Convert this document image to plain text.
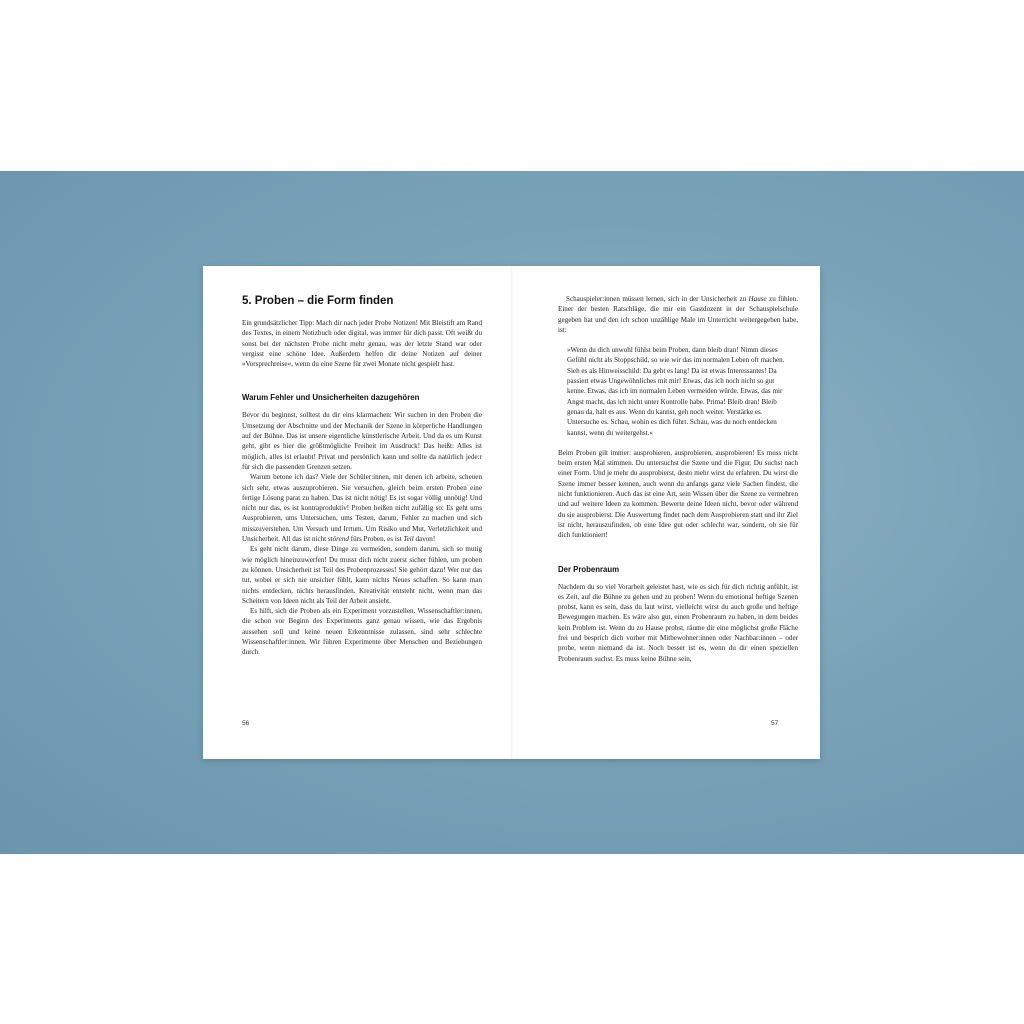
5. Proben – die Form finden

Ein grundsätzlicher Tipp: Mach dir nach jeder Probe Notizen! Mit Bleistift am Rand des Textes, in einem Notizbuch oder digital, was immer für dich passt. Oft weißt du sonst bei der nächsten Probe nicht mehr genau, was der letzte Stand war oder vergisst eine schöne Idee. Außerdem helfen dir deine Notizen auf deiner »Vorsprechreise«, wenn du eine Szene für zwei Monate nicht gespielt hast.

Warum Fehler und Unsicherheiten dazugehören

Bevor du beginnst, solltest du dir eins klarmachen: Wir suchen in den Proben die Umsetzung der Abschnitte und der Mechanik der Szene in körperliche Handlungen auf der Bühne. Das ist unsere eigentliche künstlerische Arbeit. Und da es um Kunst geht, gibt es hier die größtmögliche Freiheit im Ausdruck! Das heißt: Alles ist möglich, alles ist erlaubt! Privat und persönlich kann und sollte da natürlich jede:r für sich die passenden Grenzen setzen.

Warum betone ich das? Viele der Schüler:innen, mit denen ich arbeite, scheuen sich sehr, etwas auszuprobieren. Sie versuchen, gleich beim ersten Proben eine fertige Lösung parat zu haben. Das ist nicht nötig! Es ist sogar völlig unnötig! Und nicht nur das, es ist kontraproduktiv! Proben heißen nicht zufällig so: Es geht ums Ausprobieren, ums Untersuchen, ums Testen, darum, Fehler zu machen und sich misszuverstehen. Um Versuch und Irrtum. Um Risiko und Mut, Verletzlichkeit und Unsicherheit. All das ist nicht störend fürs Proben, es ist Teil davon!

Es geht nicht darum, diese Dinge zu vermeiden, sondern darum, sich so mutig wie möglich hineinzuwerfen! Du musst dich nicht zuerst sicher fühlen, um proben zu können. Unsicherheit ist Teil des Probenprozesses! Sie gehört dazu! Wer nur das tut, wobei er sich nie unsicher fühlt, kann nichts Neues schaffen. So kann man nichts entdecken, nichts herausfinden. Kreativität entsteht nicht, wenn man das Scheitern von Ideen nicht als Teil der Arbeit ansieht.

Es hilft, sich die Proben als ein Experiment vorzustellen. Wissenschaftler:innen, die schon vor Beginn des Experiments ganz genau wissen, wie das Ergebnis aussehen soll und keine neuen Erkenntnisse zulassen, sind sehr schlechte Wissenschaftler:innen. Wir führen Experimente über Menschen und Beziehungen durch.

Schauspieler:innen müssen lernen, sich in der Unsicherheit zu Hause zu fühlen. Einer der besten Ratschläge, die mir ein Gastdozent in der Schauspielschule gegeben hat und den ich schon unzählige Male im Unterricht weitergegeben habe, ist:

»Wenn du dich unwohl fühlst beim Proben, dann bleib dran! Nimm dieses Gefühl nicht als Stoppschild, so wie wir das im normalen Leben oft machen. Sieh es als Hinweisschild: Da geht es lang! Da ist etwas Interessantes! Da passiert etwas Ungewöhnliches mit mir! Etwas, das ich noch nicht so gut kenne. Etwas, das ich im normalen Leben vermeiden würde. Etwas, das mir Angst macht, das ich nicht unter Kontrolle habe. Prima! Bleib dran! Bleib genau da, halt es aus. Wenn du kannst, geh noch weiter. Verstärke es. Untersuche es. Schau, wohin es dich führt. Schau, was du noch entdecken kannst, wenn du weitergehst.«

Beim Proben gilt immer: ausprobieren, ausprobieren, ausprobieren! Es muss nicht beim ersten Mal stimmen. Du untersuchst die Szene und die Figur. Du suchst nach einer Form. Und je mehr du ausprobierst, desto mehr wirst du erfahren. Du wirst die Szene immer besser kennen, auch wenn du anfangs ganz viele Sachen findest, die nicht funktionieren. Auch das ist eine Art, sein Wissen über die Szene zu vermehren und auf weitere Ideen zu kommen. Bewerte deine Ideen nicht, bevor oder während du sie ausprobierst. Die Auswertung findet nach dem Ausprobieren statt und ihr Ziel ist nicht, herauszufinden, ob eine Idee gut oder schlecht war, sondern, ob sie für dich funktioniert!

Der Probenraum

Nachdem du so viel Vorarbeit geleistet hast, wie es sich für dich richtig anfühlt, ist es Zeit, auf die Bühne zu gehen und zu proben! Wenn du emotional heftige Szenen probst, kann es sein, dass du laut wirst, vielleicht wirst du auch große und heftige Bewegungen machen. Es wäre also gut, einen Probenraum zu haben, in dem beides kein Problem ist. Wenn du zu Hause probst, räume dir eine möglichst große Fläche frei und besprich dich vorher mit Mitbewohner:innen oder Nachbar:innen – oder probe, wenn niemand da ist. Noch besser ist es, wenn du dir einen speziellen Probenraum suchst. Es muss keine Bühne sein,

56	57
